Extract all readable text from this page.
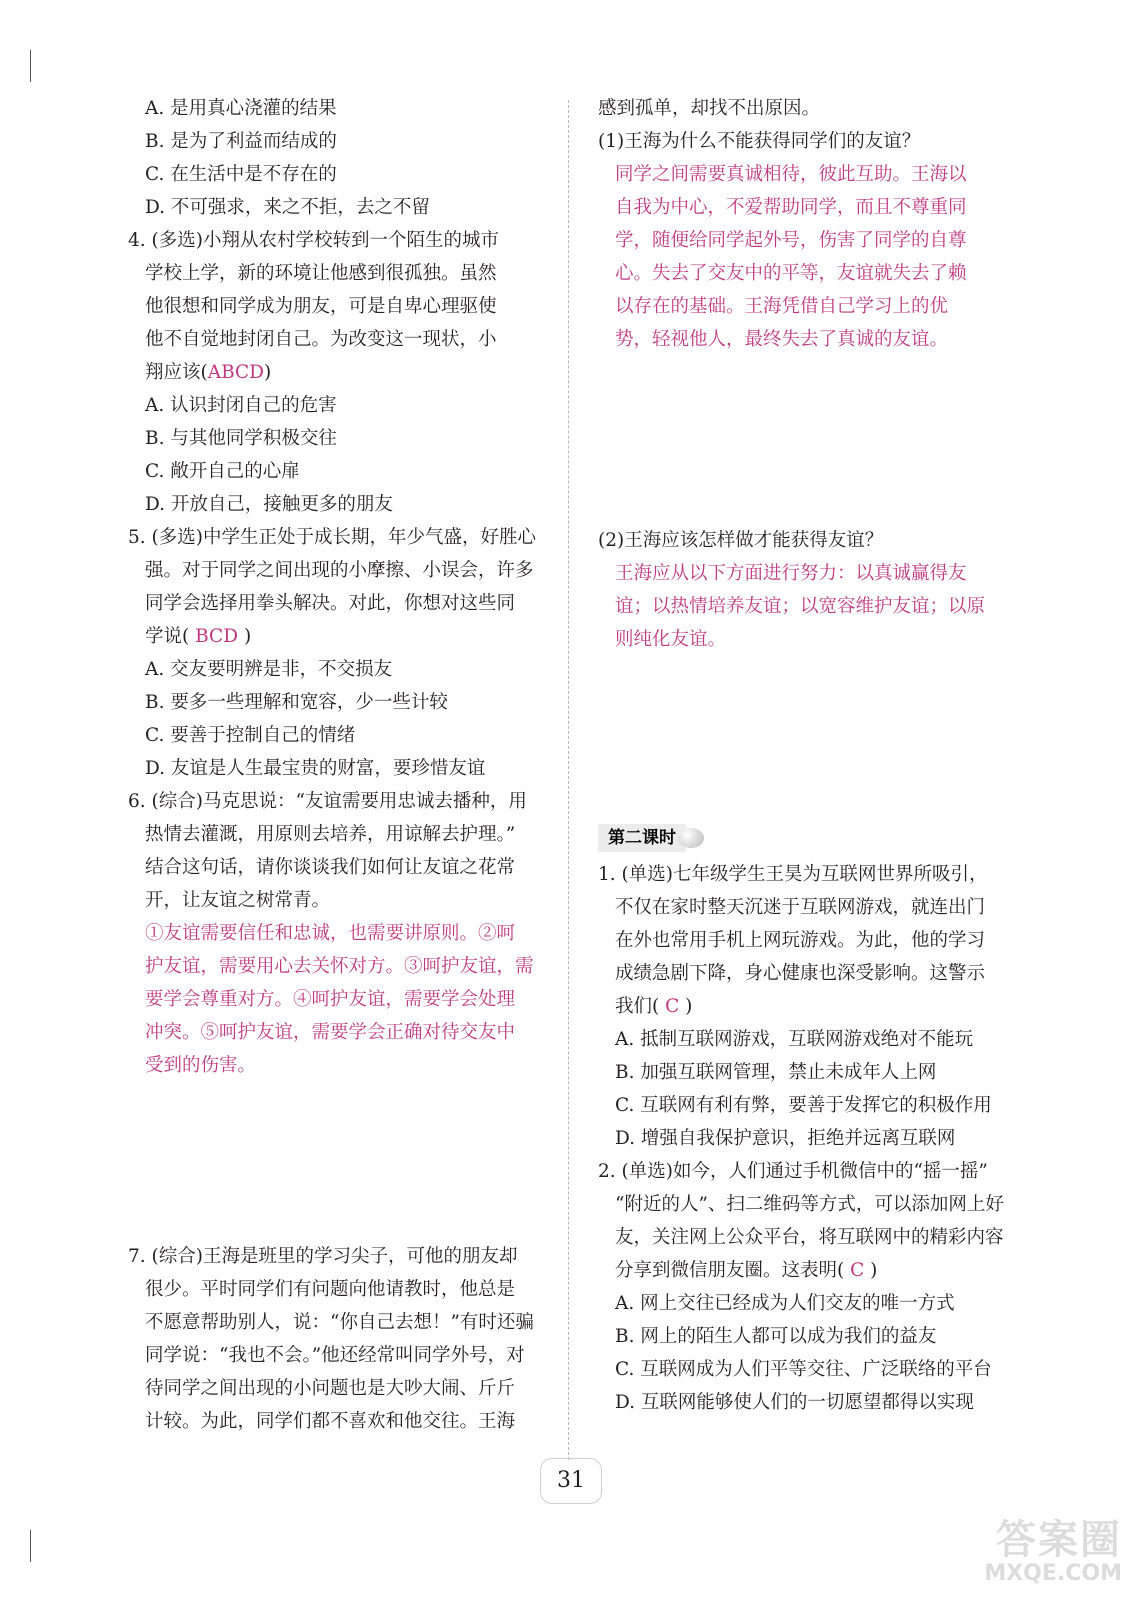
A. 是用真心浇灌的结果
B. 是为了利益而结成的
C. 在生活中是不存在的
D. 不可强求，来之不拒，去之不留
4. (多选)小翔从农村学校转到一个陌生的城市
学校上学，新的环境让他感到很孤独。虽然
他很想和同学成为朋友，可是自卑心理驱使
他不自觉地封闭自己。为改变这一现状，小
翔应该(ABCD)
A. 认识封闭自己的危害
B. 与其他同学积极交往
C. 敞开自己的心扉
D. 开放自己，接触更多的朋友
5. (多选)中学生正处于成长期，年少气盛，好胜心
强。对于同学之间出现的小摩擦、小误会，许多
同学会选择用拳头解决。对此，你想对这些同
学说( BCD )
A. 交友要明辨是非，不交损友
B. 要多一些理解和宽容，少一些计较
C. 要善于控制自己的情绪
D. 友谊是人生最宝贵的财富，要珍惜友谊
6. (综合)马克思说：“友谊需要用忠诚去播种，用
热情去灌溉，用原则去培养，用谅解去护理。”
结合这句话，请你谈谈我们如何让友谊之花常
开，让友谊之树常青。
①友谊需要信任和忠诚，也需要讲原则。②呵
护友谊，需要用心去关怀对方。③呵护友谊，需
要学会尊重对方。④呵护友谊，需要学会处理
冲突。⑤呵护友谊，需要学会正确对待交友中
受到的伤害。
7. (综合)王海是班里的学习尖子，可他的朋友却
很少。平时同学们有问题向他请教时，他总是
不愿意帮助别人，说：“你自己去想！”有时还骗
同学说：“我也不会。”他还经常叫同学外号，对
待同学之间出现的小问题也是大吵大闹、斤斤
计较。为此，同学们都不喜欢和他交往。王海
感到孤单，却找不出原因。
(1)王海为什么不能获得同学们的友谊？
同学之间需要真诚相待，彼此互助。王海以
自我为中心，不爱帮助同学，而且不尊重同
学，随便给同学起外号，伤害了同学的自尊
心。失去了交友中的平等，友谊就失去了赖
以存在的基础。王海凭借自己学习上的优
势，轻视他人，最终失去了真诚的友谊。
(2)王海应该怎样做才能获得友谊？
王海应从以下方面进行努力：以真诚赢得友
谊；以热情培养友谊；以宽容维护友谊；以原
则纯化友谊。
第二课时
1. (单选)七年级学生王昊为互联网世界所吸引，
不仅在家时整天沉迷于互联网游戏，就连出门
在外也常用手机上网玩游戏。为此，他的学习
成绩急剧下降，身心健康也深受影响。这警示
我们( C )
A. 抵制互联网游戏，互联网游戏绝对不能玩
B. 加强互联网管理，禁止未成年人上网
C. 互联网有利有弊，要善于发挥它的积极作用
D. 增强自我保护意识，拒绝并远离互联网
2. (单选)如今，人们通过手机微信中的“摇一摇”
“附近的人”、扫二维码等方式，可以添加网上好
友，关注网上公众平台，将互联网中的精彩内容
分享到微信朋友圈。这表明( C )
A. 网上交往已经成为人们交友的唯一方式
B. 网上的陌生人都可以成为我们的益友
C. 互联网成为人们平等交往、广泛联络的平台
D. 互联网能够使人们的一切愿望都得以实现
31
答案圈
MXQE.COM
